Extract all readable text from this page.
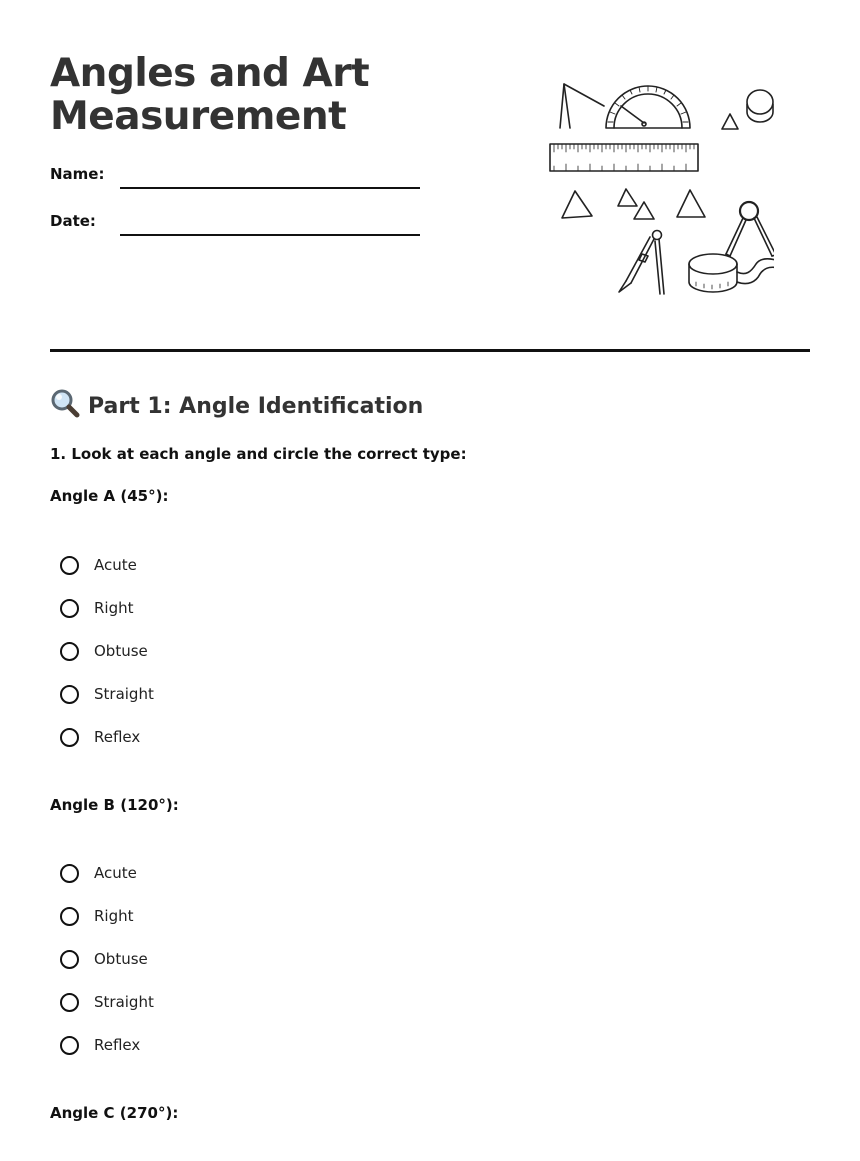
Angles and Art Measurement
Name:
Date:
Part 1: Angle Identification
1. Look at each angle and circle the correct type:
Angle A (45°):
Acute
Right
Obtuse
Straight
Reflex
Angle B (120°):
Acute
Right
Obtuse
Straight
Reflex
Angle C (270°):
